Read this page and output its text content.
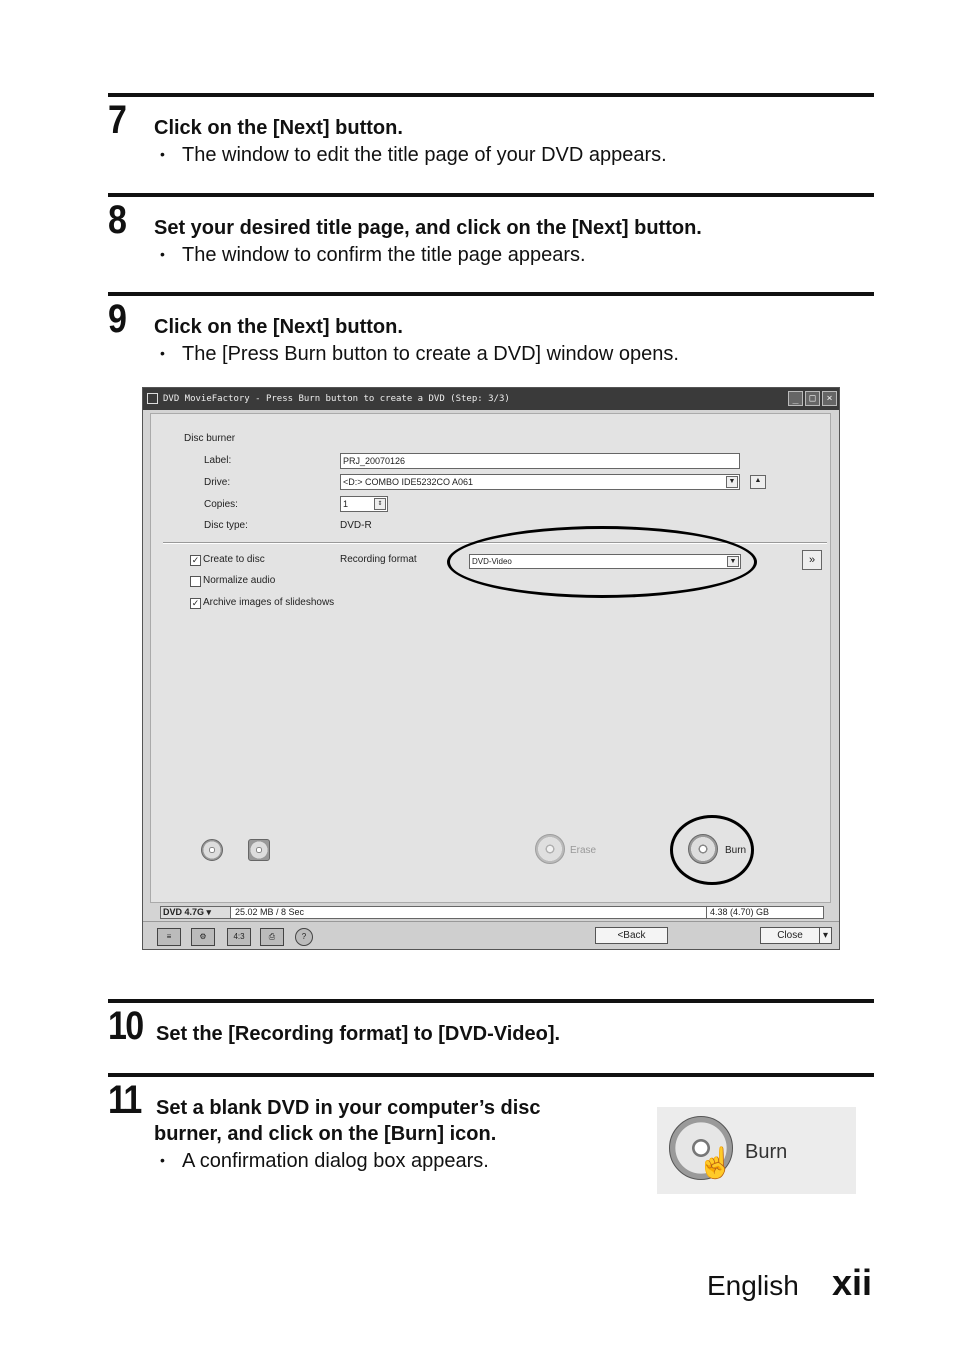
7 Click on the [Next] button.
• The window to edit the title page of your DVD appears.
8 Set your desired title page, and click on the [Next] button.
• The window to confirm the title page appears.
9 Click on the [Next] button.
• The [Press Burn button to create a DVD] window opens.
DVD MovieFactory - Press Burn button to create a DVD (Step: 3/3)	_	□	×
Disc burner
Label:	PRJ_20070126
Drive:	<D:> COMBO IDE5232CO A061	▼	▲
Copies:	1	⇕
Disc type:	DVD-R
✓ Create to disc	Recording format	DVD-Video	▼	»
Normalize audio
✓ Archive images of slideshows
Erase	Burn
DVD 4.7G ▾	25.02 MB / 8 Sec	4.38 (4.70) GB
≡	⚙	4:3	⎙	?	<Back	Close	▾
10 Set the [Recording format] to [DVD-Video].
11 Set a blank DVD in your computer’s disc
burner, and click on the [Burn] icon.
• A confirmation dialog box appears.	☝ Burn
English xii
